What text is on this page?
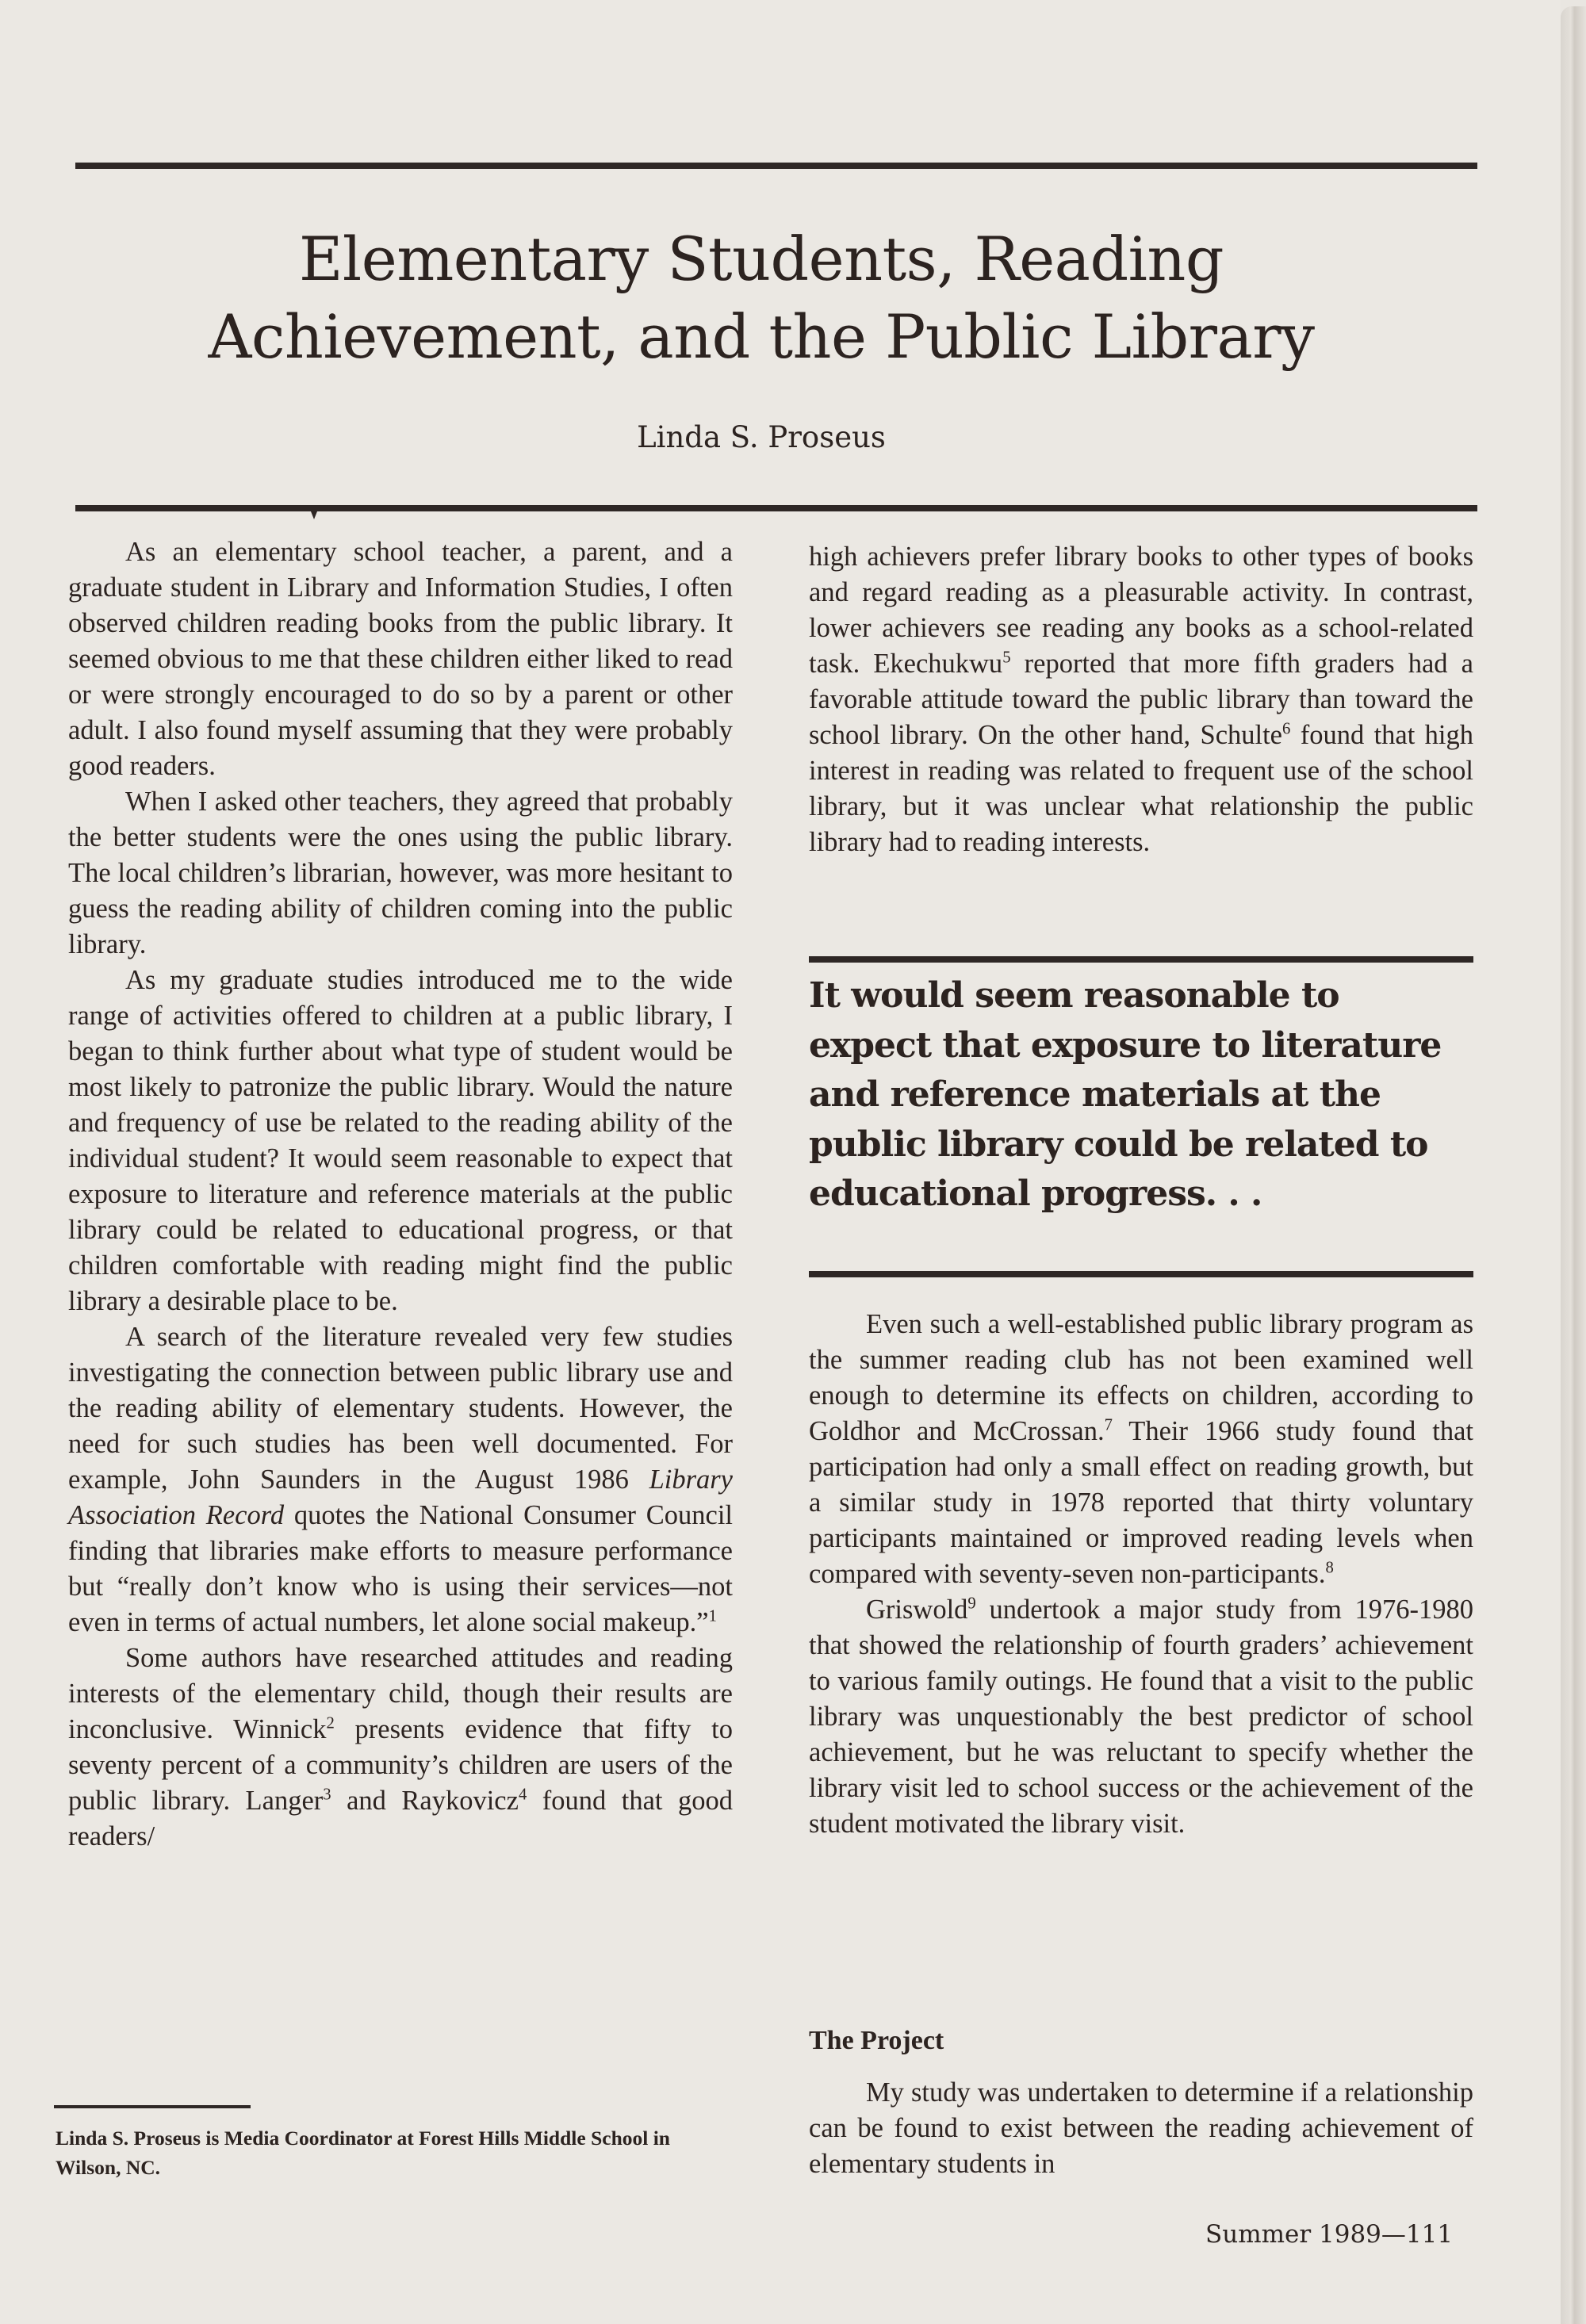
Elementary Students, Reading
Achievement, and the Public Library

Linda S. Proseus

As an elementary school teacher, a parent, and a graduate student in Library and Information Studies, I often observed children reading books from the public library. It seemed obvious to me that these children either liked to read or were strongly encouraged to do so by a parent or other adult. I also found myself assuming that they were probably good readers.

When I asked other teachers, they agreed that probably the better students were the ones using the public library. The local children’s librarian, however, was more hesitant to guess the reading ability of children coming into the public library.

As my graduate studies introduced me to the wide range of activities offered to children at a public library, I began to think further about what type of student would be most likely to patronize the public library. Would the nature and frequency of use be related to the reading ability of the individual student? It would seem reasonable to expect that exposure to literature and reference materials at the public library could be related to educational progress, or that children comfortable with reading might find the public library a desirable place to be.

A search of the literature revealed very few studies investigating the connection between public library use and the reading ability of elementary students. However, the need for such studies has been well documented. For example, John Saunders in the August 1986 Library Association Record quotes the National Consumer Council finding that libraries make efforts to measure performance but “really don’t know who is using their services—not even in terms of actual numbers, let alone social makeup.”$^1$

Some authors have researched attitudes and reading interests of the elementary child, though their results are inconclusive. Winnick$^2$ presents evidence that fifty to seventy percent of a community’s children are users of the public library. Langer$^3$ and Raykovicz$^4$ found that good readers/

Linda S. Proseus is Media Coordinator at Forest Hills Middle School in Wilson, NC.

high achievers prefer library books to other types of books and regard reading as a pleasurable activity. In contrast, lower achievers see reading any books as a school-related task. Ekechukwu$^5$ reported that more fifth graders had a favorable attitude toward the public library than toward the school library. On the other hand, Schulte$^6$ found that high interest in reading was related to frequent use of the school library, but it was unclear what relationship the public library had to reading interests.

It would seem reasonable to expect that exposure to literature and reference materials at the public library could be related to educational progress. . .

Even such a well-established public library program as the summer reading club has not been examined well enough to determine its effects on children, according to Goldhor and McCrossan.$^7$ Their 1966 study found that participation had only a small effect on reading growth, but a similar study in 1978 reported that thirty voluntary participants maintained or improved reading levels when compared with seventy-seven non-participants.$^8$

Griswold$^9$ undertook a major study from 1976-1980 that showed the relationship of fourth graders’ achievement to various family outings. He found that a visit to the public library was unquestionably the best predictor of school achievement, but he was reluctant to specify whether the library visit led to school success or the achievement of the student motivated the library visit.

The Project

My study was undertaken to determine if a relationship can be found to exist between the reading achievement of elementary students in

Summer 1989—111
